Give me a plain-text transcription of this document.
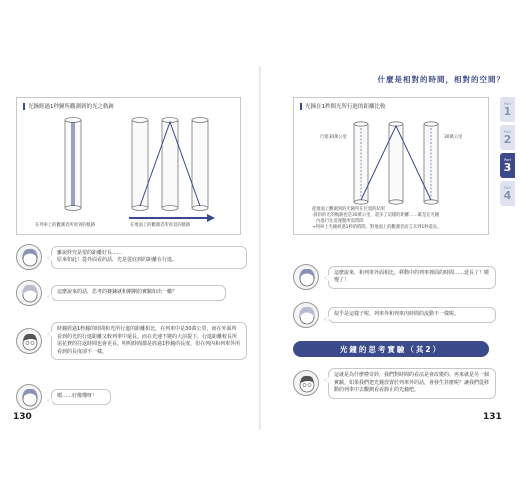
什麼是相對的時間，相對的空間？
光鐘經過1秒鐘所觀測到的光之軌跡
在列車上的觀測者所看到的軌跡	在地面上的觀測者所看見的軌跡
雖說終究是很的距離好長……
原來如此！從外面看的話，光是從底到的距離在行進。
這麼說來的話，思考的賽鍊就和剛剛的實驗如出一轍？
時鐘經過1秒鐘的時間和光所行進的距離相比，在列車中是30萬公里，而在外面所看到的光的行進距離又較列車中還長。而在光速不變的大前提下，行進距離較長所需花費的往返時間也會更長。明明時間都是經過1秒鐘的長度，但在列內和列車外所看到的長度卻不一樣。
嗯……好像懂呀！
130
光鐘在1秒間光所行進的距離比較
行進30萬公里	30萬公里
從地面上觀測到的光鐘所在位置的結果
‧斜斜的光的軌跡也是30萬公里，還多了這樣的距離……確是在光鐘
　內進行往返運動所需時間
→列車上光鐘經過1秒的時間，對地面上的觀測者而言未到1秒還長。
這麼說來，和列車外面相比，移動中的列車裡面的時間……延長了！變慢了！
似乎是這樣子呢，列車外和列車內時間的流動不一樣呢。
光鐘的思考實驗（其2）
這就是為什麼啦奇妙，我們對時間的看法是會改變的。再來就是另一個實驗，如果我們把光鐘放置於列車外的話，會發生甚麼呢？讓我們從移動的列車中去觀測看看靜止的光鐘吧。
131
Part
1
Part
2
Part
3
Part
4
